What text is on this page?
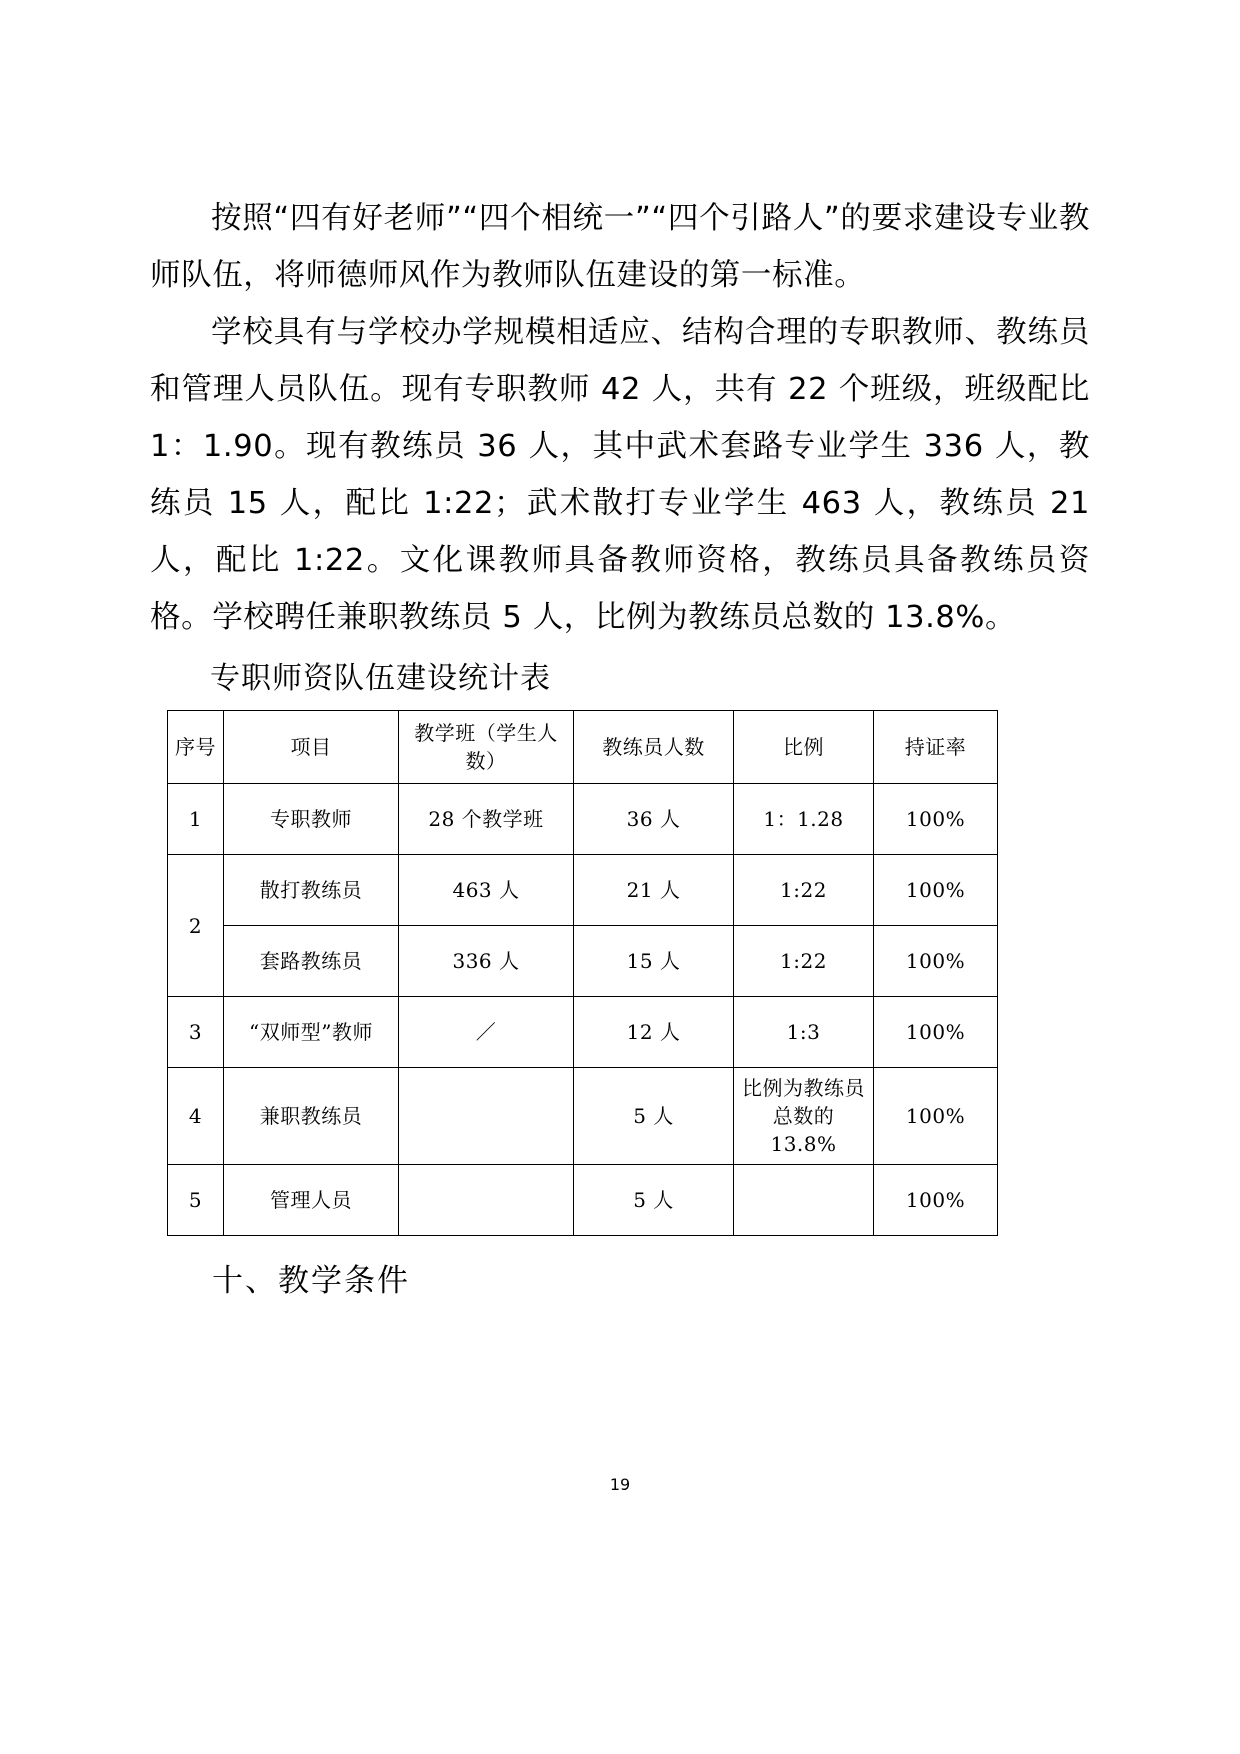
按照“四有好老师”“四个相统一”“四个引路人”的要求建设专业教师队伍，将师德师风作为教师队伍建设的第一标准。

学校具有与学校办学规模相适应、结构合理的专职教师、教练员和管理人员队伍。现有专职教师 42 人，共有 22 个班级，班级配比 1：1.90。现有教练员 36 人，其中武术套路专业学生 336 人，教练员 15 人，配比 1:22；武术散打专业学生 463 人，教练员 21 人，配比 1:22。文化课教师具备教师资格，教练员具备教练员资格。学校聘任兼职教练员 5 人，比例为教练员总数的 13.8%。

专职师资队伍建设统计表
序号	项目	教学班（学生人数）	教练员人数	比例	持证率
1	专职教师	28 个教学班	36 人	1：1.28	100%
2	散打教练员	463 人	21 人	1:22	100%
	套路教练员	336 人	15 人	1:22	100%
3	“双师型”教师	／	12 人	1:3	100%
4	兼职教练员		5 人	比例为教练员总数的 13.8%	100%
5	管理人员		5 人		100%
十、教学条件
19
